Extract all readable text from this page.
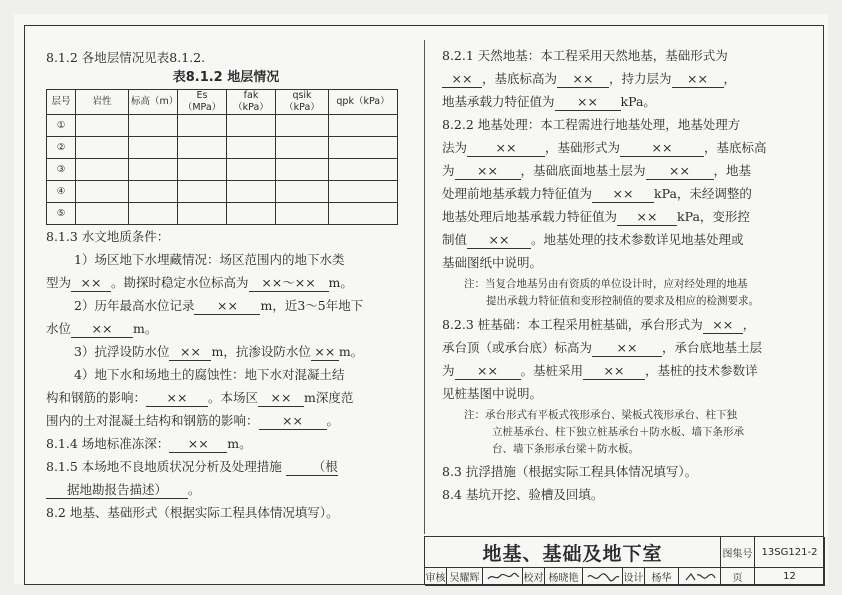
8.1.2 各地层情况见表8.1.2.
表8.1.2 地层情况
层号	岩性	标高（m）	Es（MPa）	fak（kPa）	qsik（kPa）	qpk（kPa）
①						
②						
③						
④						
⑤						
8.1.3 水文地质条件：
1）场区地下水埋藏情况：场区范围内的地下水类
型为 ×× 。勘探时稳定水位标高为 ××～×× m。
2）历年最高水位记录 ×× m，近3～5年地下
水位 ×× m。
3）抗浮设防水位 ×× m，抗渗设防水位 ×× m。
4）地下水和场地土的腐蚀性：地下水对混凝土结
构和钢筋的影响： ×× 。本场区 ×× m深度范
围内的土对混凝土结构和钢筋的影响： ×× 。
8.1.4 场地标准冻深： ×× m。
8.1.5 本场地不良地质状况分析及处理措施 （根
据地勘报告描述） 。
8.2 地基、基础形式（根据实际工程具体情况填写）。
8.2.1 天然地基：本工程采用天然地基，基础形式为
×× ，基底标高为 ×× ，持力层为 ×× ，
地基承载力特征值为 ×× kPa。
8.2.2 地基处理：本工程需进行地基处理，地基处理方
法为 ×× ，基础形式为	××	，基底标高
为 ×× ，基础底面地基土层为 ×× ，地基
处理前地基承载力特征值为 ×× kPa，未经调整的
地基处理后地基承载力特征值为 ×× kPa，变形控
制值 ×× 。地基处理的技术参数详见地基处理或
基础图纸中说明。
注：当复合地基另由有资质的单位设计时，应对经处理的地基
提出承载力特征值和变形控制值的要求及相应的检测要求。
8.2.3 桩基础：本工程采用桩基础，承台形式为 ×× ，
承台顶（或承台底）标高为 ×× ，承台底地基土层
为 ×× 。基桩采用 ×× ，基桩的技术参数详
见桩基图中说明。
注：承台形式有平板式筏形承台、梁板式筏形承台、柱下独
立桩基承台、柱下独立桩基承台＋防水板、墙下条形承
台、墙下条形承台梁＋防水板。
8.3 抗浮措施（根据实际工程具体情况填写）。
8.4 基坑开挖、验槽及回填。
地基、基础及地下室	图集号 13SG121-2
审核 吴耀辉	校对 杨晓艳	设计 杨华	页	12
